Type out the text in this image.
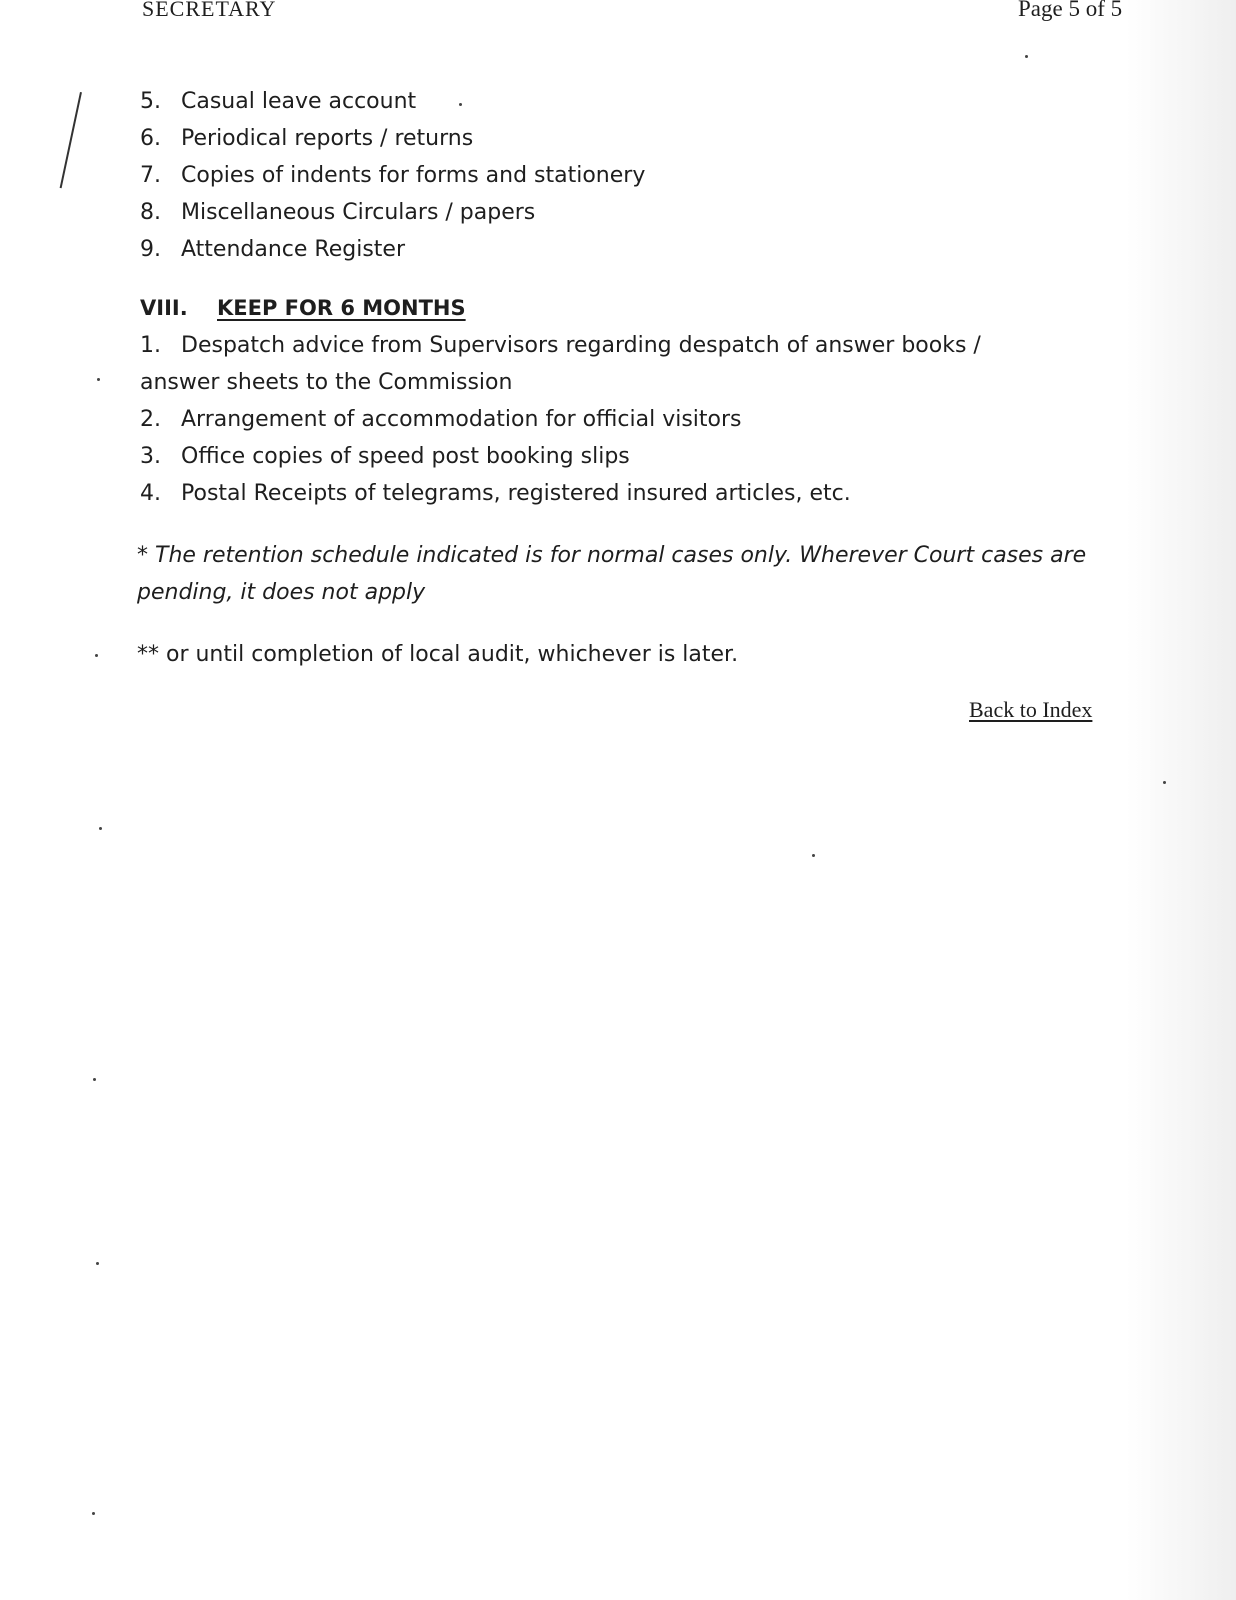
SECRETARY	Page 5 of 5
5. Casual leave account
6. Periodical reports / returns
7. Copies of indents for forms and stationery
8. Miscellaneous Circulars / papers
9. Attendance Register
VIII. KEEP FOR 6 MONTHS
1. Despatch advice from Supervisors regarding despatch of answer books / answer sheets to the Commission
2. Arrangement of accommodation for official visitors
3. Office copies of speed post booking slips
4. Postal Receipts of telegrams, registered insured articles, etc.
* The retention schedule indicated is for normal cases only. Wherever Court cases are pending, it does not apply
** or until completion of local audit, whichever is later.
Back to Index
